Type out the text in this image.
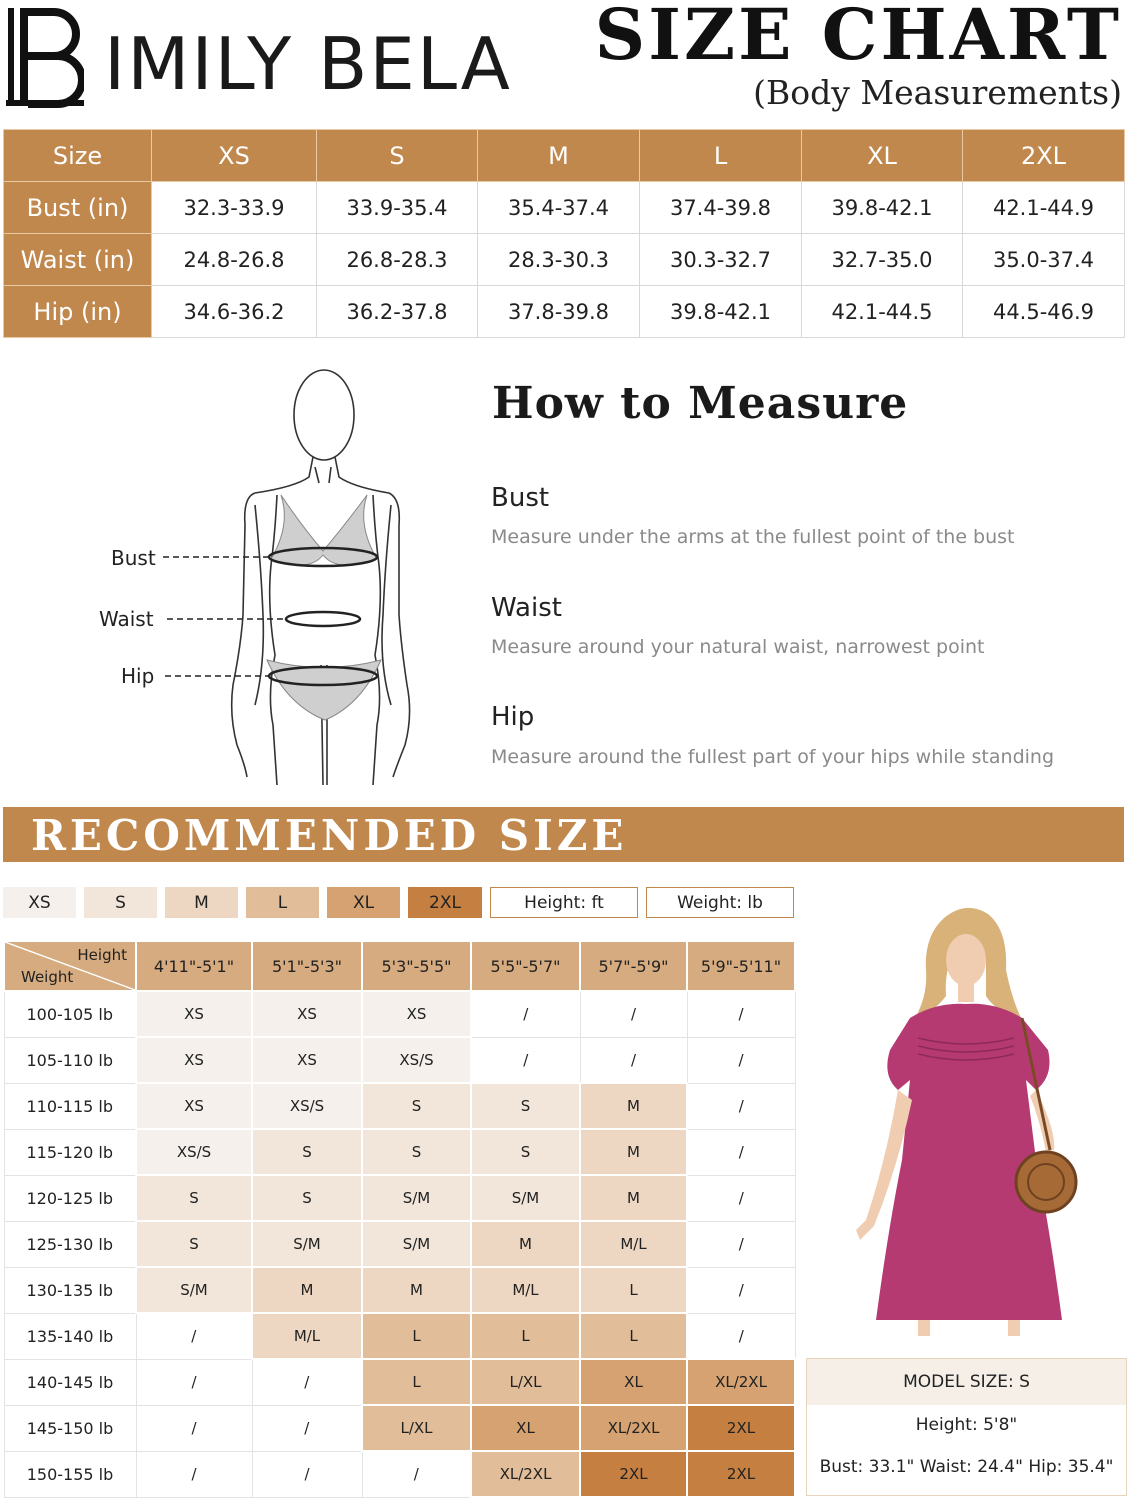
IMILY BELA SIZE CHART
(Body Measurements)
Size	XS	S	M	L	XL	2XL
Bust (in)	32.3-33.9	33.9-35.4	35.4-37.4	37.4-39.8	39.8-42.1	42.1-44.9
Waist (in)	24.8-26.8	26.8-28.3	28.3-30.3	30.3-32.7	32.7-35.0	35.0-37.4
Hip (in)	34.6-36.2	36.2-37.8	37.8-39.8	39.8-42.1	42.1-44.5	44.5-46.9
Bust
Waist
Hip
How to Measure
Bust
Measure under the arms at the fullest point of the bust
Waist
Measure around your natural waist, narrowest point
Hip
Measure around the fullest part of your hips while standing
RECOMMENDED SIZE
XS	S	M	L	XL	2XL	Height: ft	Weight: lb
Height
Weight	4'11"-5'1"	5'1"-5'3"	5'3"-5'5"	5'5"-5'7"	5'7"-5'9"	5'9"-5'11"
100-105 lb	XS	XS	XS	/	/	/
105-110 lb	XS	XS	XS/S	/	/	/
110-115 lb	XS	XS/S	S	S	M	/
115-120 lb	XS/S	S	S	S	M	/
120-125 lb	S	S	S/M	S/M	M	/
125-130 lb	S	S/M	S/M	M	M/L	/
130-135 lb	S/M	M	M	M/L	L	/
135-140 lb	/	M/L	L	L	L	/
140-145 lb	/	/	L	L/XL	XL	XL/2XL
145-150 lb	/	/	L/XL	XL	XL/2XL	2XL
150-155 lb	/	/	/	XL/2XL	2XL	2XL
MODEL SIZE: S
Height: 5'8"
Bust: 33.1" Waist: 24.4" Hip: 35.4"
